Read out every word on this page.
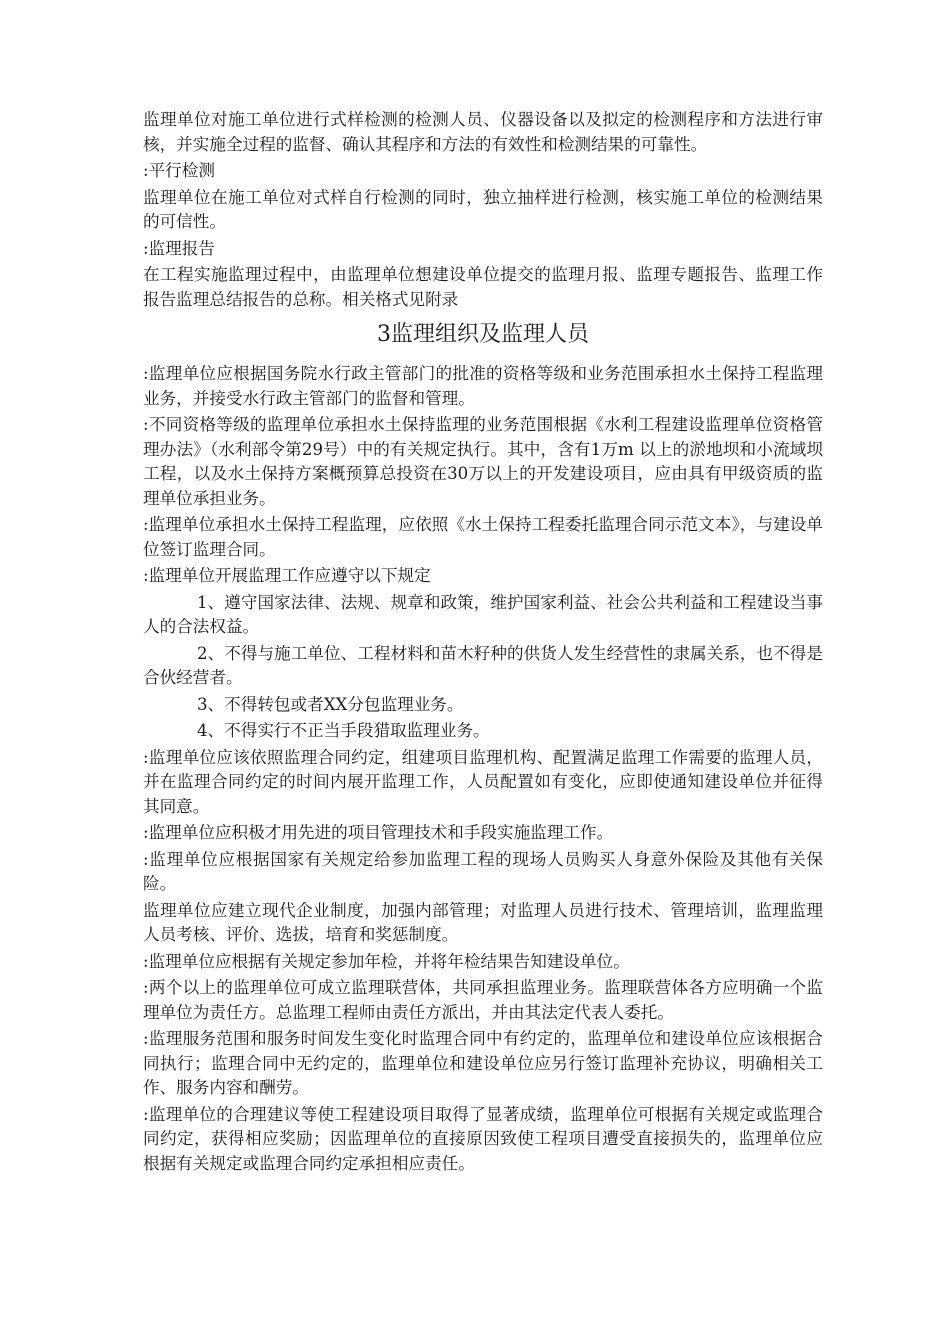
监理单位对施工单位进行式样检测的检测人员、仪器设备以及拟定的检测程序和方法进行审核，并实施全过程的监督、确认其程序和方法的有效性和检测结果的可靠性。

:平行检测

监理单位在施工单位对式样自行检测的同时，独立抽样进行检测，核实施工单位的检测结果的可信性。

:监理报告

在工程实施监理过程中，由监理单位想建设单位提交的监理月报、监理专题报告、监理工作报告监理总结报告的总称。相关格式见附录

3监理组织及监理人员

:监理单位应根据国务院水行政主管部门的批准的资格等级和业务范围承担水土保持工程监理业务，并接受水行政主管部门的监督和管理。

:不同资格等级的监理单位承担水土保持监理的业务范围根据《水利工程建设监理单位资格管理办法》（水利部令第29号）中的有关规定执行。其中，含有1万m 以上的淤地坝和小流域坝工程，以及水土保持方案概预算总投资在30万以上的开发建设项目，应由具有甲级资质的监理单位承担业务。

:监理单位承担水土保持工程监理，应依照《水土保持工程委托监理合同示范文本》，与建设单位签订监理合同。

:监理单位开展监理工作应遵守以下规定

1、遵守国家法律、法规、规章和政策，维护国家利益、社会公共利益和工程建设当事人的合法权益。

2、不得与施工单位、工程材料和苗木籽种的供货人发生经营性的隶属关系，也不得是合伙经营者。

3、不得转包或者XX分包监理业务。

4、不得实行不正当手段猎取监理业务。

:监理单位应该依照监理合同约定，组建项目监理机构、配置满足监理工作需要的监理人员，并在监理合同约定的时间内展开监理工作，人员配置如有变化，应即使通知建设单位并征得其同意。

:监理单位应积极才用先进的项目管理技术和手段实施监理工作。

:监理单位应根据国家有关规定给参加监理工程的现场人员购买人身意外保险及其他有关保险。

监理单位应建立现代企业制度，加强内部管理；对监理人员进行技术、管理培训，监理监理人员考核、评价、选拔，培育和奖惩制度。

:监理单位应根据有关规定参加年检，并将年检结果告知建设单位。

:两个以上的监理单位可成立监理联营体，共同承担监理业务。监理联营体各方应明确一个监理单位为责任方。总监理工程师由责任方派出，并由其法定代表人委托。

:监理服务范围和服务时间发生变化时监理合同中有约定的，监理单位和建设单位应该根据合同执行；监理合同中无约定的，监理单位和建设单位应另行签订监理补充协议，明确相关工作、服务内容和酬劳。

:监理单位的合理建议等使工程建设项目取得了显著成绩，监理单位可根据有关规定或监理合同约定，获得相应奖励；因监理单位的直接原因致使工程项目遭受直接损失的，监理单位应根据有关规定或监理合同约定承担相应责任。
